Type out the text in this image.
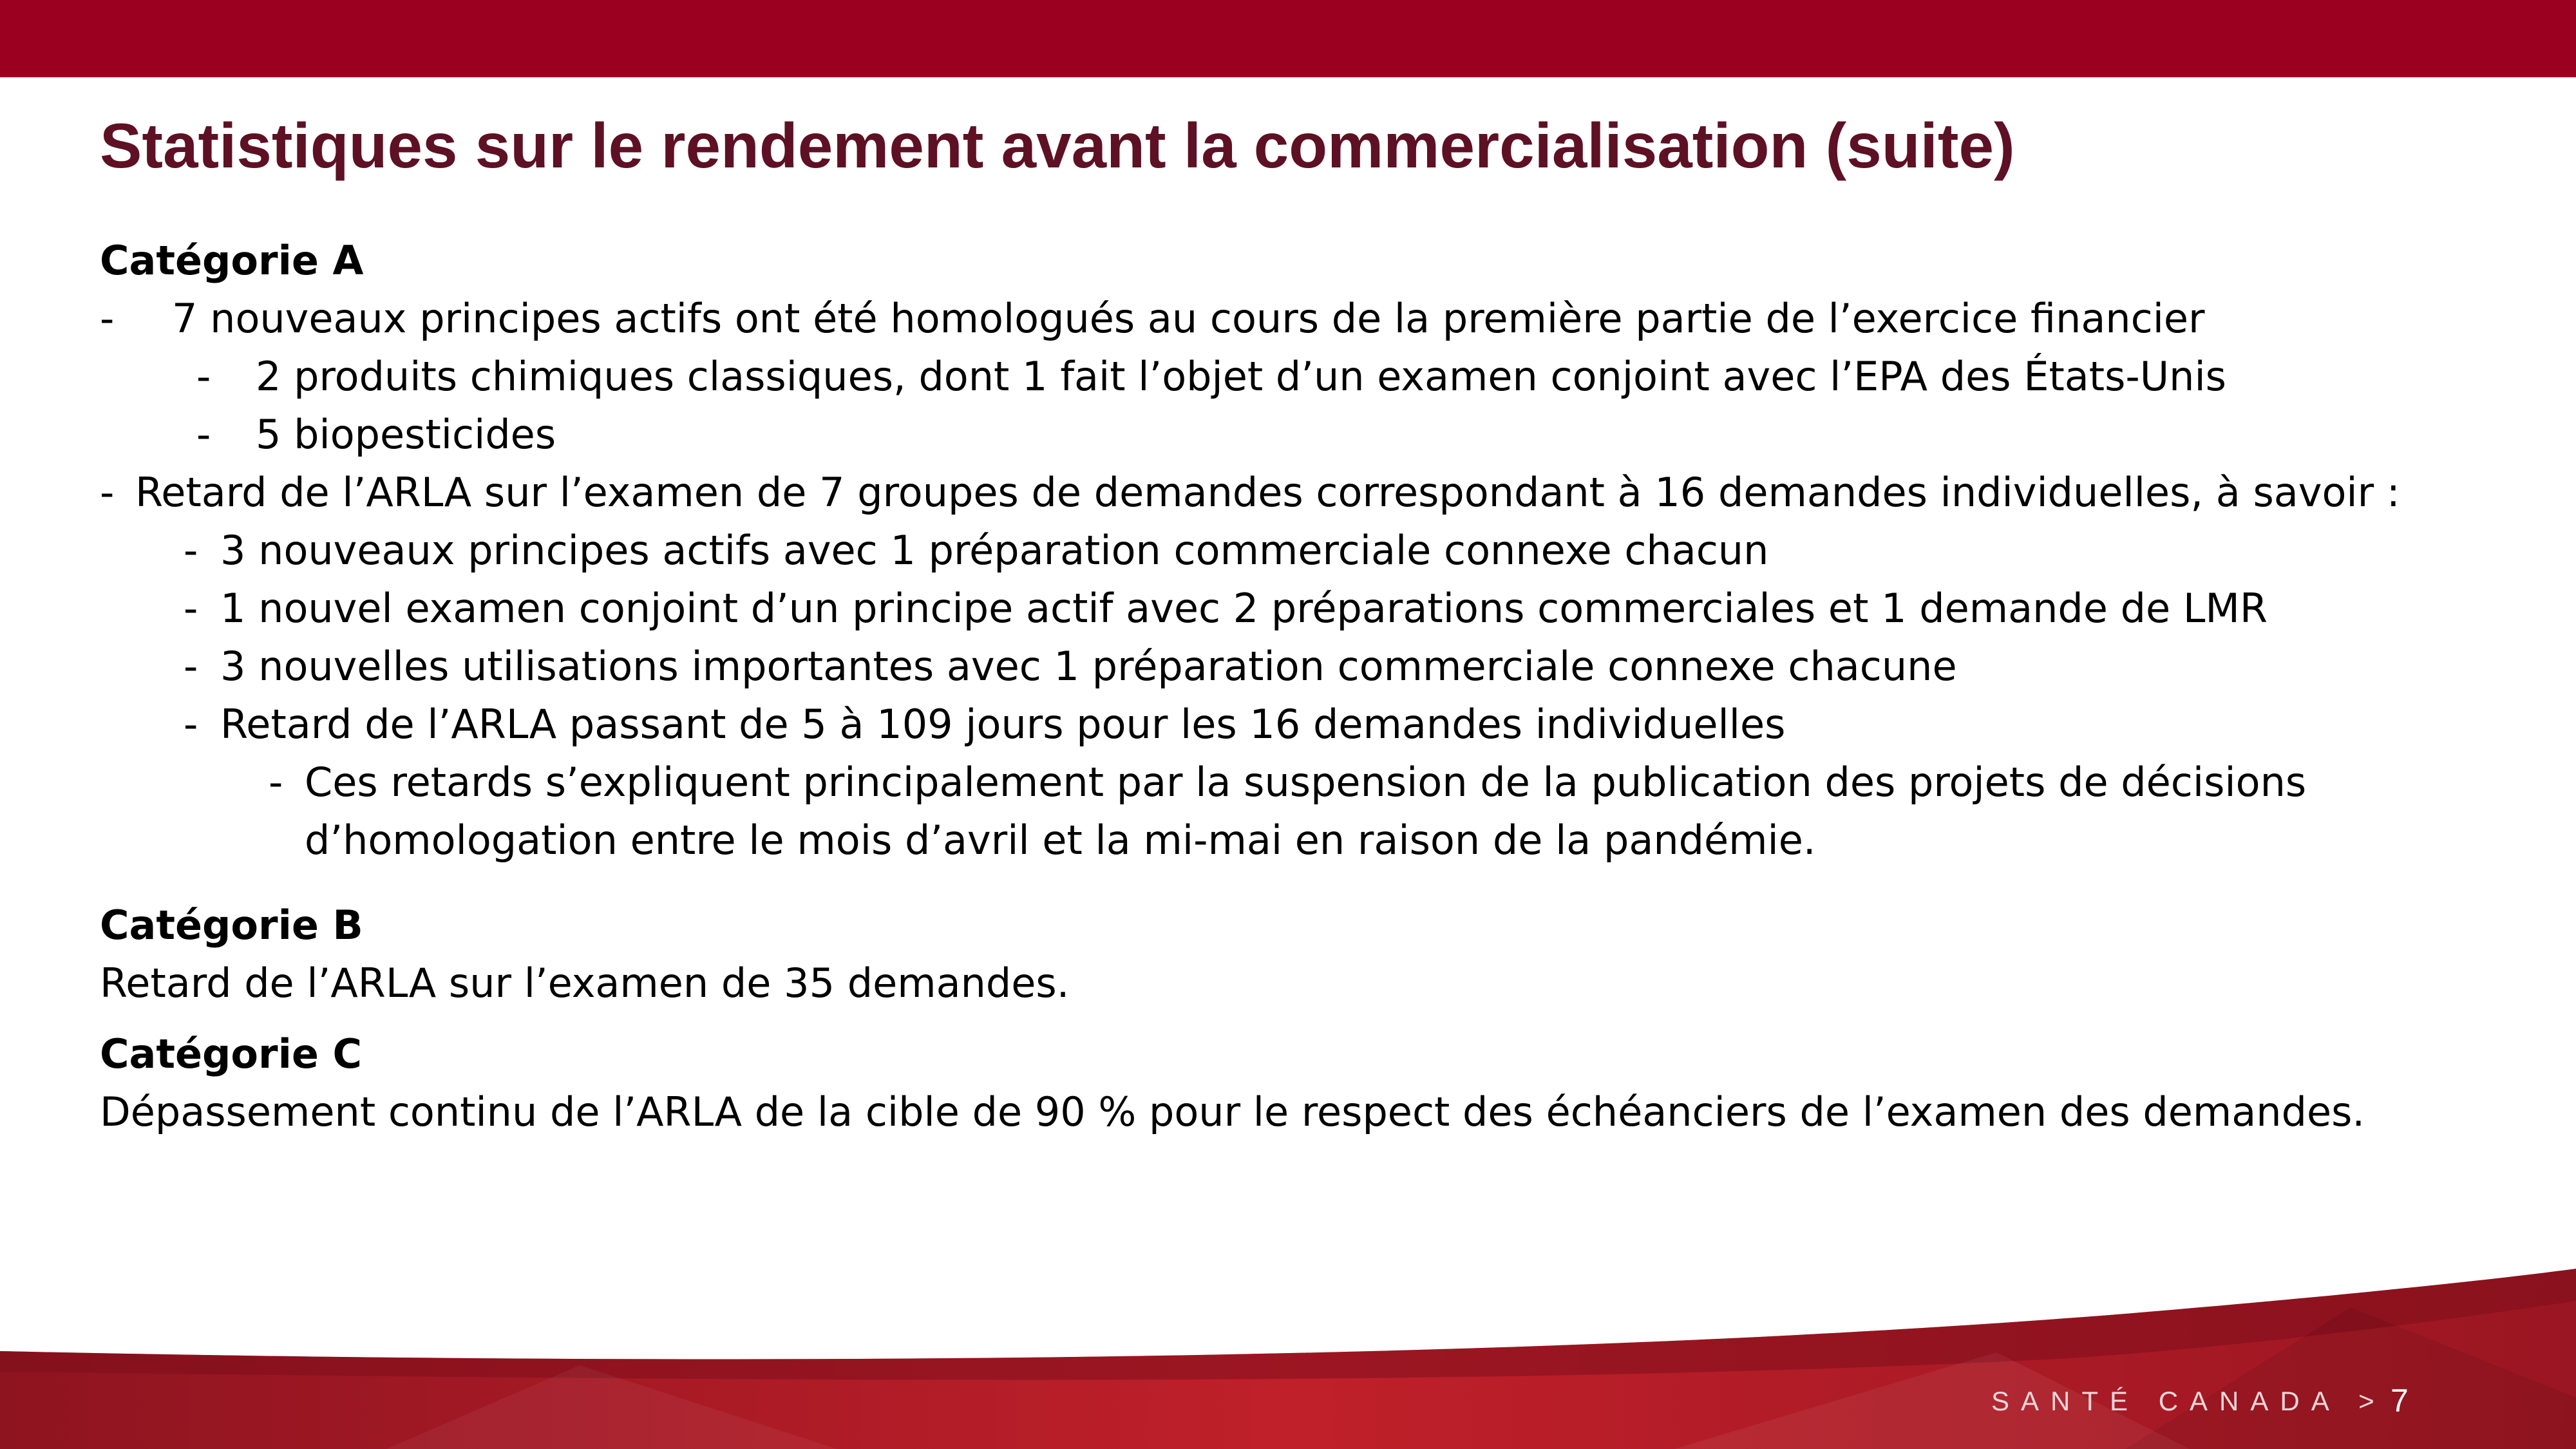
Statistiques sur le rendement avant la commercialisation (suite)
Catégorie A
- 7 nouveaux principes actifs ont été homologués au cours de la première partie de l’exercice financier
- 2 produits chimiques classiques, dont 1 fait l’objet d’un examen conjoint avec l’EPA des États-Unis
- 5 biopesticides
- Retard de l’ARLA sur l’examen de 7 groupes de demandes correspondant à 16 demandes individuelles, à savoir :
- 3 nouveaux principes actifs avec 1 préparation commerciale connexe chacun
- 1 nouvel examen conjoint d’un principe actif avec 2 préparations commerciales et 1 demande de LMR
- 3 nouvelles utilisations importantes avec 1 préparation commerciale connexe chacune
- Retard de l’ARLA passant de 5 à 109 jours pour les 16 demandes individuelles
- Ces retards s’expliquent principalement par la suspension de la publication des projets de décisions
d’homologation entre le mois d’avril et la mi-mai en raison de la pandémie.
Catégorie B
Retard de l’ARLA sur l’examen de 35 demandes.
Catégorie C
Dépassement continu de l’ARLA de la cible de 90 % pour le respect des échéanciers de l’examen des demandes.
SANTÉ CANADA > 7
